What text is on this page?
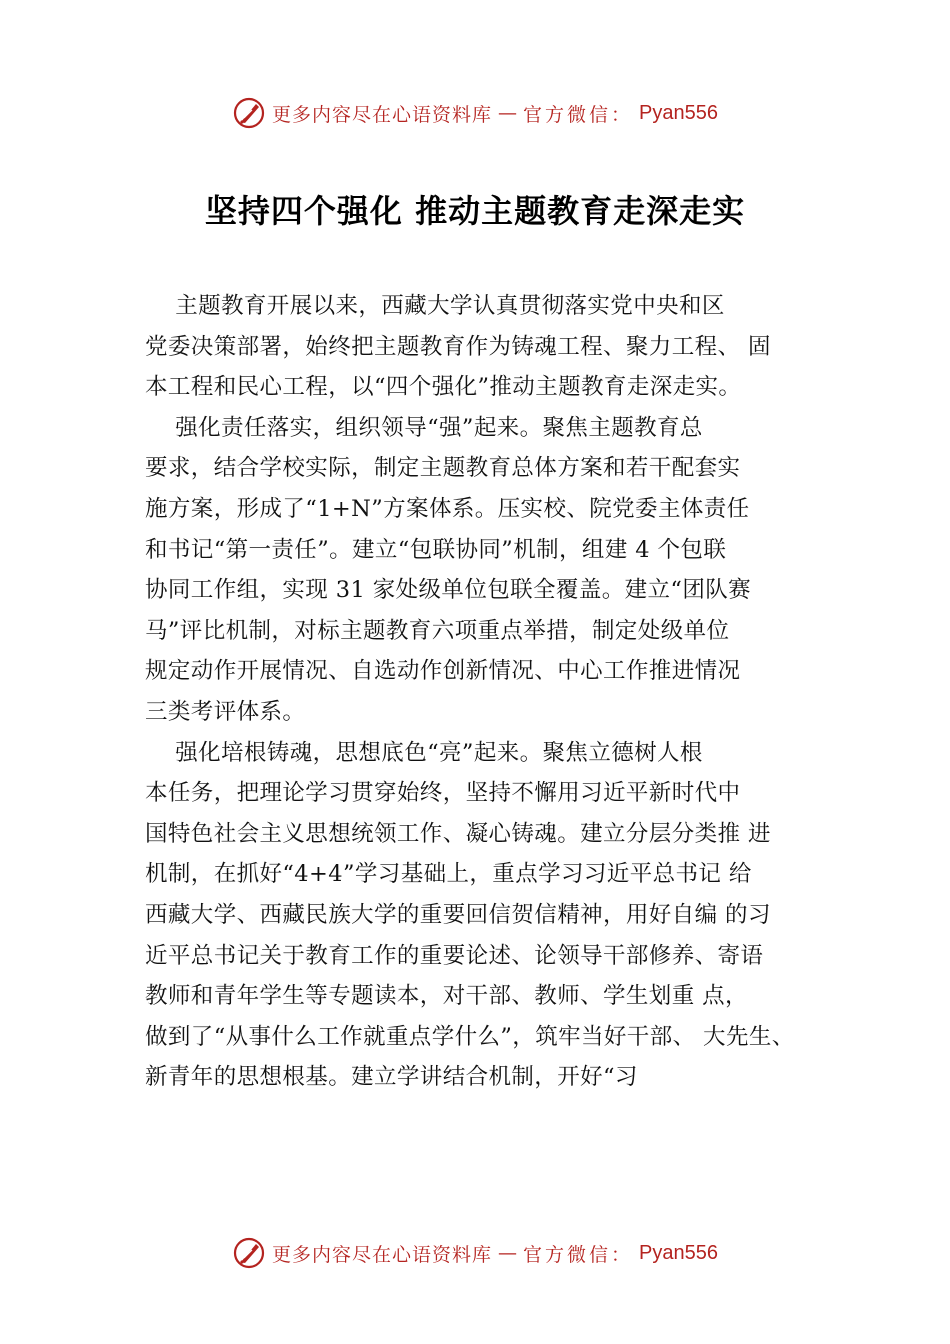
更多内容尽在心语资料库 — 官方微信： Pyan556
坚持四个强化 推动主题教育走深走实
主题教育开展以来，西藏大学认真贯彻落实党中央和区
党委决策部署，始终把主题教育作为铸魂工程、聚力工程、 固
本工程和民心工程，以“四个强化”推动主题教育走深走实。
强化责任落实，组织领导“强”起来。聚焦主题教育总
要求，结合学校实际，制定主题教育总体方案和若干配套实
施方案，形成了“1+N”方案体系。压实校、院党委主体责任
和书记“第一责任”。建立“包联协同”机制，组建 4 个包联
协同工作组，实现 31 家处级单位包联全覆盖。建立“团队赛
马”评比机制，对标主题教育六项重点举措，制定处级单位
规定动作开展情况、自选动作创新情况、中心工作推进情况
三类考评体系。
强化培根铸魂，思想底色“亮”起来。聚焦立德树人根
本任务，把理论学习贯穿始终，坚持不懈用习近平新时代中
国特色社会主义思想统领工作、凝心铸魂。建立分层分类推 进
机制，在抓好“4+4”学习基础上，重点学习习近平总书记 给
西藏大学、西藏民族大学的重要回信贺信精神，用好自编 的习
近平总书记关于教育工作的重要论述、论领导干部修养、寄语
教师和青年学生等专题读本，对干部、教师、学生划重 点，
做到了“从事什么工作就重点学什么”，筑牢当好干部、 大先生、
新青年的思想根基。建立学讲结合机制，开好“习
更多内容尽在心语资料库 — 官方微信： Pyan556
